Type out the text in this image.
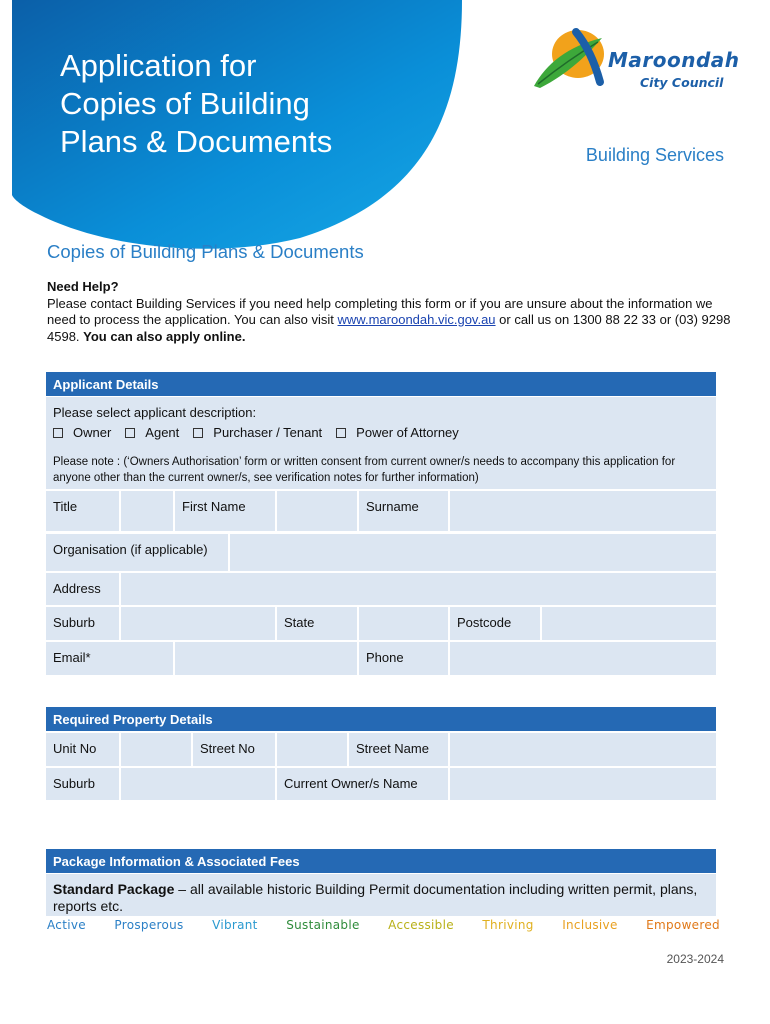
Application for
Copies of Building
Plans & Documents
Maroondah
City Council
Building Services
Copies of Building Plans & Documents
Need Help?
Please contact Building Services if you need help completing this form or if you are unsure about the information we need to process the application. You can also visit www.maroondah.vic.gov.au or call us on 1300 88 22 33 or (03) 9298 4598. You can also apply online.
Applicant Details
Please select applicant description:
Owner	Agent	Purchaser / Tenant	Power of Attorney
Please note : (‘Owners Authorisation’ form or written consent from current owner/s needs to accompany this application for anyone other than the current owner/s, see verification notes for further information)
Title	First Name	Surname
Organisation (if applicable)
Address
Suburb	State	Postcode
Email*	Phone
Required Property Details
Unit No	Street No	Street Name
Suburb	Current Owner/s Name
Package Information & Associated Fees
Standard Package – all available historic Building Permit documentation including written permit, plans, reports etc.
Active Prosperous Vibrant Sustainable Accessible Thriving Inclusive Empowered
2023-2024
